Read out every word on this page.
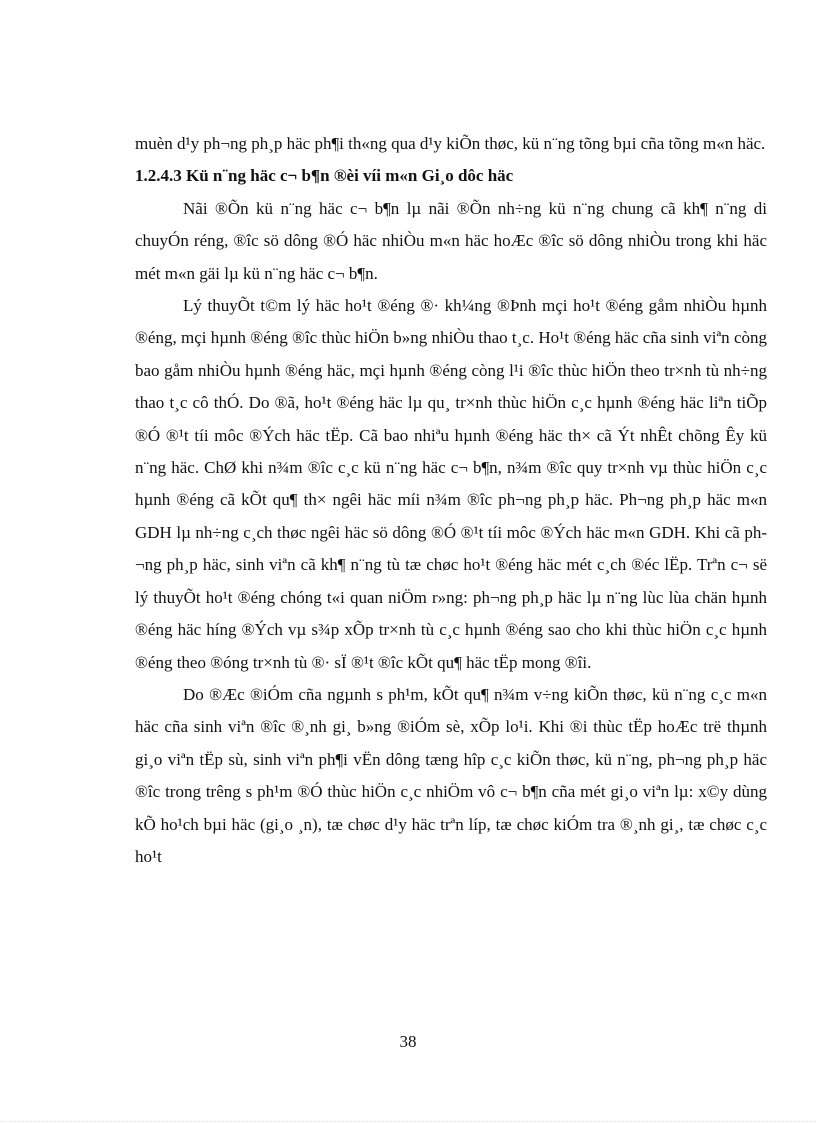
muèn d¹y ph¬ng ph¸p häc ph¶i th«ng qua d¹y kiÕn thøc, kü n¨ng tõng bµi cña tõng m«n häc.

1.2.4.3 Kü n¨ng häc c¬ b¶n ®èi víi m«n Gi¸o dôc häc

Nãi ®Õn kü n¨ng häc c¬ b¶n lµ nãi ®Õn nh÷ng kü n¨ng chung cã kh¶ n¨ng di chuyÓn réng, ®îc sö dông ®Ó häc nhiÒu m«n häc hoÆc ®îc sö dông nhiÒu trong khi häc mét m«n gäi lµ kü n¨ng häc c¬ b¶n.

Lý thuyÕt t©m lý häc ho¹t ®éng ®· kh¼ng ®Þnh mçi ho¹t ®éng gåm nhiÒu hµnh ®éng, mçi hµnh ®éng ®îc thùc hiÖn b»ng nhiÒu thao t¸c. Ho¹t ®éng häc cña sinh viªn còng bao gåm nhiÒu hµnh ®éng häc, mçi hµnh ®éng còng l¹i ®îc thùc hiÖn theo tr×nh tù nh÷ng thao t¸c cô thÓ. Do ®ã, ho¹t ®éng häc lµ qu¸ tr×nh thùc hiÖn c¸c hµnh ®éng häc liªn tiÕp ®Ó ®¹t tíi môc ®Ých häc tËp. Cã bao nhiªu hµnh ®éng häc th× cã Ýt nhÊt chõng Êy kü n¨ng häc. ChØ khi n¾m ®îc c¸c kü n¨ng häc c¬ b¶n, n¾m ®îc quy tr×nh vµ thùc hiÖn c¸c hµnh ®éng cã kÕt qu¶ th× ngêi häc míi n¾m ®îc ph¬ng ph¸p häc. Ph¬ng ph¸p häc m«n GDH lµ nh÷ng c¸ch thøc ngêi häc sö dông ®Ó ®¹t tíi môc ®Ých häc m«n GDH. Khi cã ph¬ng ph¸p häc, sinh viªn cã kh¶ n¨ng tù tæ chøc ho¹t ®éng häc mét c¸ch ®éc lËp. Trªn c¬ së lý thuyÕt ho¹t ®éng chóng t«i quan niÖm r»ng: ph¬ng ph¸p häc lµ n¨ng lùc lùa chän hµnh ®éng häc híng ®Ých vµ s¾p xÕp tr×nh tù c¸c hµnh ®éng sao cho khi thùc hiÖn c¸c hµnh ®éng theo ®óng tr×nh tù ®· sÏ ®¹t ®îc kÕt qu¶ häc tËp mong ®îi.

Do ®Æc ®iÓm cña ngµnh s ph¹m, kÕt qu¶ n¾m v÷ng kiÕn thøc, kü n¨ng c¸c m«n häc cña sinh viªn ®îc ®¸nh gi¸ b»ng ®iÓm sè, xÕp lo¹i. Khi ®i thùc tËp hoÆc trë thµnh gi¸o viªn tËp sù, sinh viªn ph¶i vËn dông tæng hîp c¸c kiÕn thøc, kü n¨ng, ph¬ng ph¸p häc ®îc trong trêng s ph¹m ®Ó thùc hiÖn c¸c nhiÖm vô c¬ b¶n cña mét gi¸o viªn lµ: x©y dùng kÕ ho¹ch bµi häc (gi¸o ¸n), tæ chøc d¹y häc trªn líp, tæ chøc kiÓm tra ®¸nh gi¸, tæ chøc c¸c ho¹t

38
